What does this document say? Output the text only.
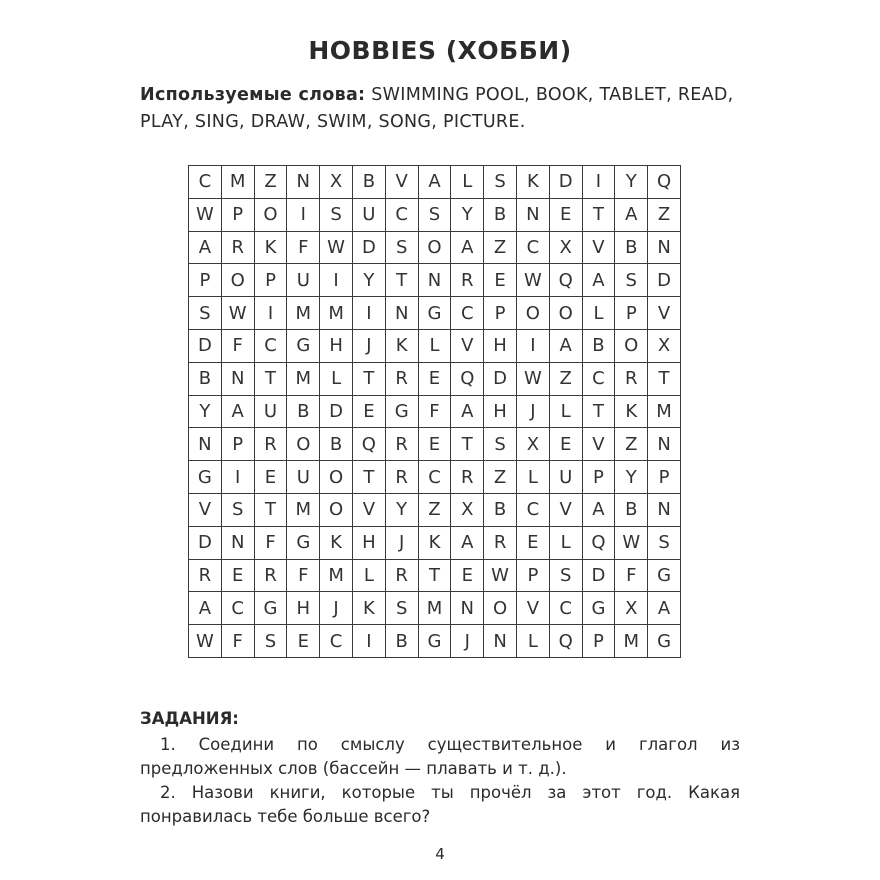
HOBBIES (ХОББИ)
Используемые слова: SWIMMING POOL, BOOK, TABLET, READ, PLAY, SING, DRAW, SWIM, SONG, PICTURE.
C	M	Z	N	X	B	V	A	L	S	K	D	I	Y	Q
W	P	O	I	S	U	C	S	Y	B	N	E	T	A	Z
A	R	K	F	W	D	S	O	A	Z	C	X	V	B	N
P	O	P	U	I	Y	T	N	R	E	W	Q	A	S	D
S	W	I	M	M	I	N	G	C	P	O	O	L	P	V
D	F	C	G	H	J	K	L	V	H	I	A	B	O	X
B	N	T	M	L	T	R	E	Q	D	W	Z	C	R	T
Y	A	U	B	D	E	G	F	A	H	J	L	T	K	M
N	P	R	O	B	Q	R	E	T	S	X	E	V	Z	N
G	I	E	U	O	T	R	C	R	Z	L	U	P	Y	P
V	S	T	M	O	V	Y	Z	X	B	C	V	A	B	N
D	N	F	G	K	H	J	K	A	R	E	L	Q	W	S
R	E	R	F	M	L	R	T	E	W	P	S	D	F	G
A	C	G	H	J	K	S	M	N	O	V	C	G	X	A
W	F	S	E	C	I	B	G	J	N	L	Q	P	M	G
ЗАДАНИЯ:

1. Соедини по смыслу существительное и глагол из предложенных слов (бассейн — плавать и т. д.).

2. Назови книги, которые ты прочёл за этот год. Какая понравилась тебе больше всего?

4
